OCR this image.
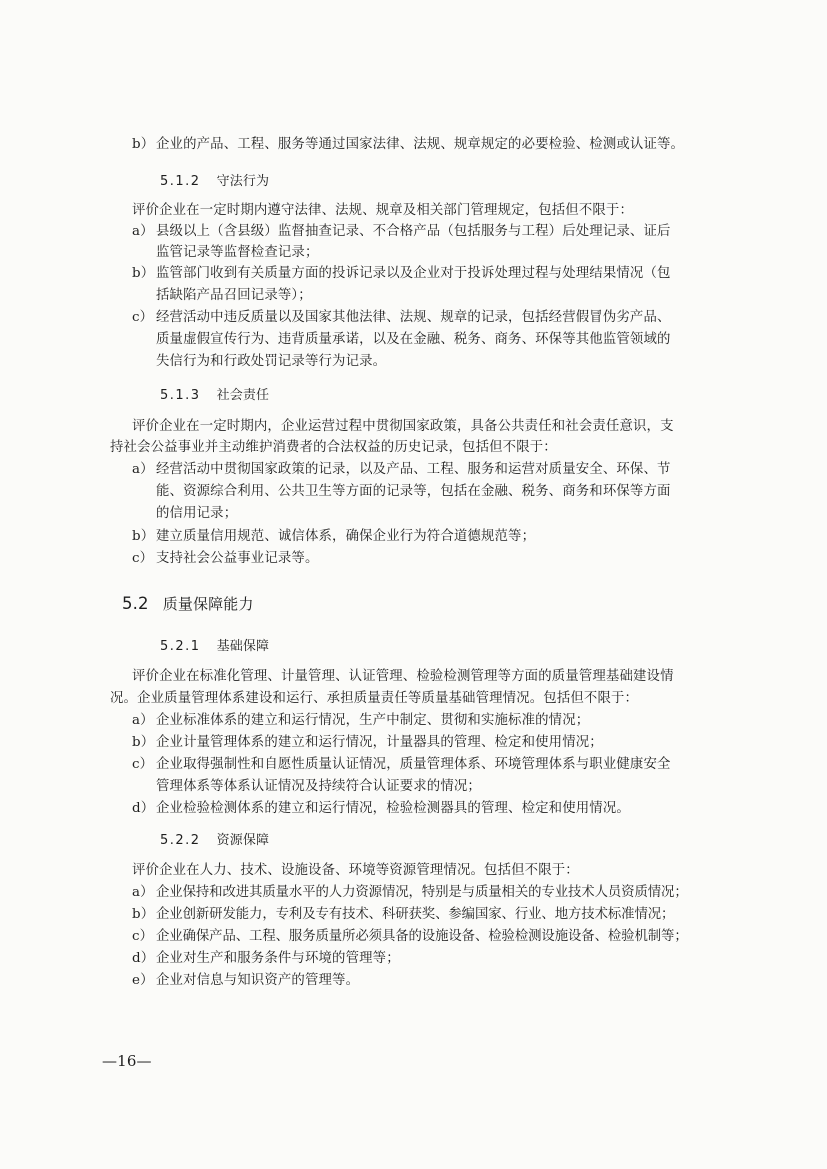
b） 企业的产品、工程、服务等通过国家法律、法规、规章规定的必要检验、检测或认证等。
5.1.2 守法行为
评价企业在一定时期内遵守法律、法规、规章及相关部门管理规定，包括但不限于：
a） 县级以上（含县级）监督抽查记录、不合格产品（包括服务与工程）后处理记录、证后
监管记录等监督检查记录；
b） 监管部门收到有关质量方面的投诉记录以及企业对于投诉处理过程与处理结果情况（包
括缺陷产品召回记录等）；
c） 经营活动中违反质量以及国家其他法律、法规、规章的记录，包括经营假冒伪劣产品、
质量虚假宣传行为、违背质量承诺，以及在金融、税务、商务、环保等其他监管领域的
失信行为和行政处罚记录等行为记录。
5.1.3 社会责任
评价企业在一定时期内，企业运营过程中贯彻国家政策，具备公共责任和社会责任意识，支
持社会公益事业并主动维护消费者的合法权益的历史记录，包括但不限于：
a） 经营活动中贯彻国家政策的记录，以及产品、工程、服务和运营对质量安全、环保、节
能、资源综合利用、公共卫生等方面的记录等，包括在金融、税务、商务和环保等方面
的信用记录；
b） 建立质量信用规范、诚信体系，确保企业行为符合道德规范等；
c） 支持社会公益事业记录等。
5.2 质量保障能力
5.2.1 基础保障
评价企业在标准化管理、计量管理、认证管理、检验检测管理等方面的质量管理基础建设情
况。企业质量管理体系建设和运行、承担质量责任等质量基础管理情况。包括但不限于：
a） 企业标准体系的建立和运行情况，生产中制定、贯彻和实施标准的情况；
b） 企业计量管理体系的建立和运行情况，计量器具的管理、检定和使用情况；
c） 企业取得强制性和自愿性质量认证情况，质量管理体系、环境管理体系与职业健康安全
管理体系等体系认证情况及持续符合认证要求的情况；
d） 企业检验检测体系的建立和运行情况，检验检测器具的管理、检定和使用情况。
5.2.2 资源保障
评价企业在人力、技术、设施设备、环境等资源管理情况。包括但不限于：
a） 企业保持和改进其质量水平的人力资源情况，特别是与质量相关的专业技术人员资质情况；
b） 企业创新研发能力，专利及专有技术、科研获奖、参编国家、行业、地方技术标准情况；
c） 企业确保产品、工程、服务质量所必须具备的设施设备、检验检测设施设备、检验机制等；
d） 企业对生产和服务条件与环境的管理等；
e） 企业对信息与知识资产的管理等。
—16—
